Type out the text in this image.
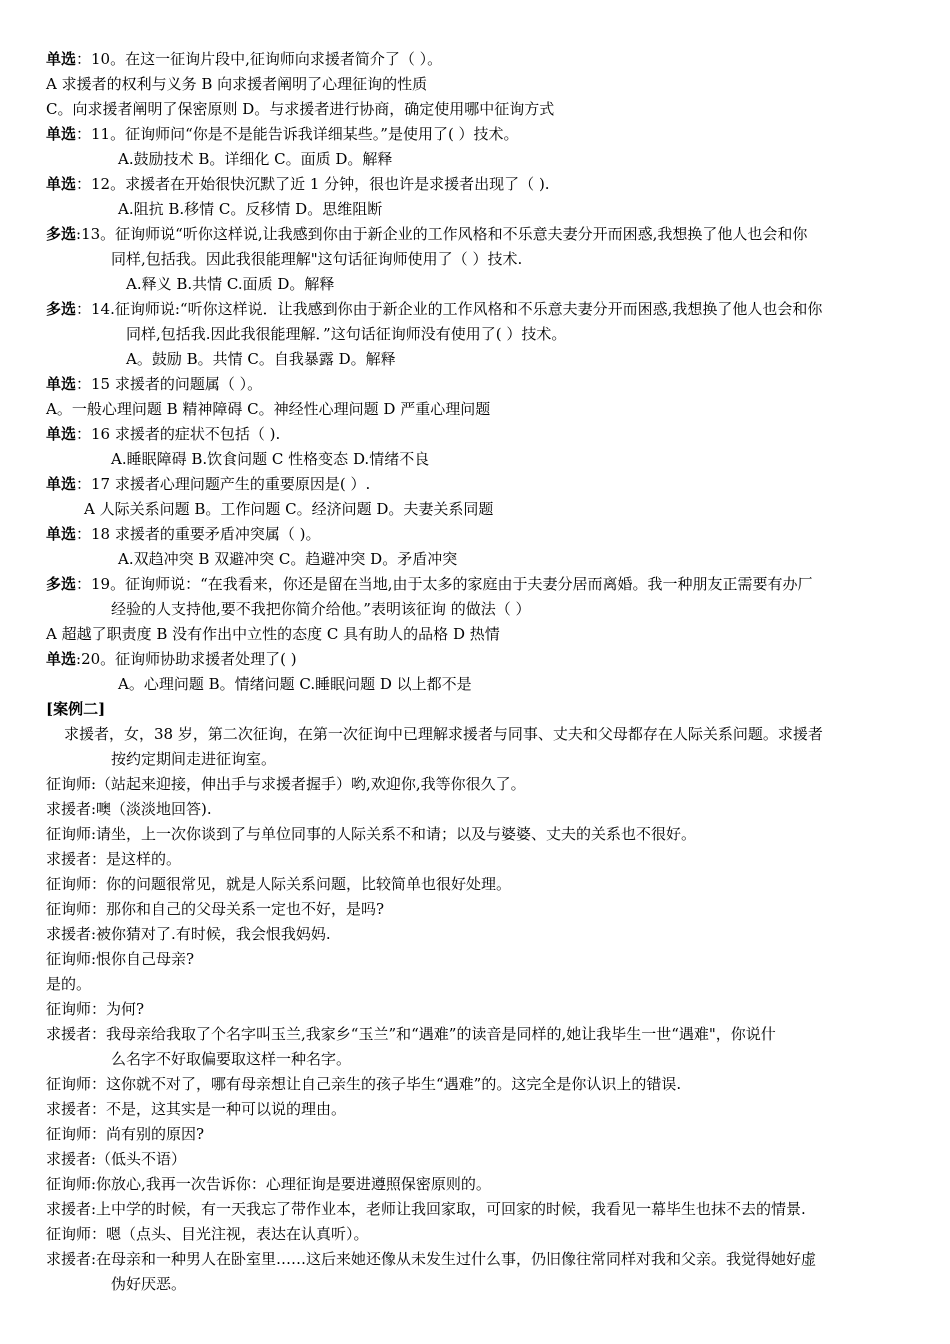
单选：10。在这一征询片段中,征询师向求援者简介了（ ）。
A 求援者的权利与义务 B 向求援者阐明了心理征询的性质
C。向求援者阐明了保密原则 D。与求援者进行协商，确定使用哪中征询方式
单选：11。征询师问“你是不是能告诉我详细某些。”是使用了( ）技术。
A.鼓励技术 B。详细化 C。面质 D。解释
单选：12。求援者在开始很快沉默了近 1 分钟，很也许是求援者出现了（ ).
A.阻抗 B.移情 C。反移情 D。思维阻断
多选:13。征询师说“听你这样说,让我感到你由于新企业的工作风格和不乐意夫妻分开而困惑,我想换了他人也会和你
同样,包括我。因此我很能理解"这句话征询师使用了（ ）技术.
A.释义 B.共情 C.面质 D。解释
多选：14.征询师说:“听你这样说．让我感到你由于新企业的工作风格和不乐意夫妻分开而困惑,我想换了他人也会和你
同样,包括我.因此我很能理解．”这句话征询师没有使用了( ）技术。
A。鼓励 B。共情 C。自我暴露 D。解释
单选：15 求援者的问题属（ ）。
A。一般心理问题 B 精神障碍 C。神经性心理问题 D 严重心理问题
单选：16 求援者的症状不包括（ ).
A.睡眠障碍 B.饮食问题 C 性格变态 D.情绪不良
单选：17 求援者心理问题产生的重要原因是( ）.
A 人际关系问题 B。工作问题 C。经济问题 D。夫妻关系同题
单选：18 求援者的重要矛盾冲突属（ )。
A.双趋冲突 B 双避冲突 C。趋避冲突 D。矛盾冲突
多选：19。征询师说：“在我看来，你还是留在当地,由于太多的家庭由于夫妻分居而离婚。我一种朋友正需要有办厂
经验的人支持他,要不我把你简介给他。”表明该征询 的做法（ ）
A 超越了职责度 B 没有作出中立性的态度 C 具有助人的品格 D 热情
单选:20。征询师协助求援者处理了( )
A。心理问题 B。情绪问题 C.睡眠问题 D 以上都不是
[案例二]
求援者，女，38 岁，第二次征询，在第一次征询中已理解求援者与同事、丈夫和父母都存在人际关系问题。求援者
按约定期间走进征询室。
征询师:（站起来迎接，伸出手与求援者握手）哟,欢迎你,我等你很久了。
求援者:噢（淡淡地回答).
征询师:请坐，上一次你谈到了与单位同事的人际关系不和请；以及与婆婆、丈夫的关系也不很好。
求援者：是这样的。
征询师：你的问题很常见，就是人际关系问题，比较简单也很好处理。
征询师：那你和自己的父母关系一定也不好，是吗?
求援者:被你猜对了.有时候，我会恨我妈妈.
征询师:恨你自己母亲?
是的。
征询师：为何?
求援者：我母亲给我取了个名字叫玉兰,我家乡“玉兰”和“遇难”的读音是同样的,她让我毕生一世“遇难"，你说什
么名字不好取偏要取这样一种名字。
征询师：这你就不对了，哪有母亲想让自己亲生的孩子毕生“遇难”的。这完全是你认识上的错误.
求援者：不是，这其实是一种可以说的理由。
征询师：尚有别的原因?
求援者:（低头不语）
征询师:你放心,我再一次告诉你：心理征询是要进遵照保密原则的。
求援者:上中学的时候，有一天我忘了带作业本，老师让我回家取，可回家的时候，我看见一幕毕生也抹不去的情景.
征询师：嗯（点头、目光注视，表达在认真听）。
求援者:在母亲和一种男人在卧室里……这后来她还像从未发生过什么事，仍旧像往常同样对我和父亲。我觉得她好虚
伪好厌恶。
